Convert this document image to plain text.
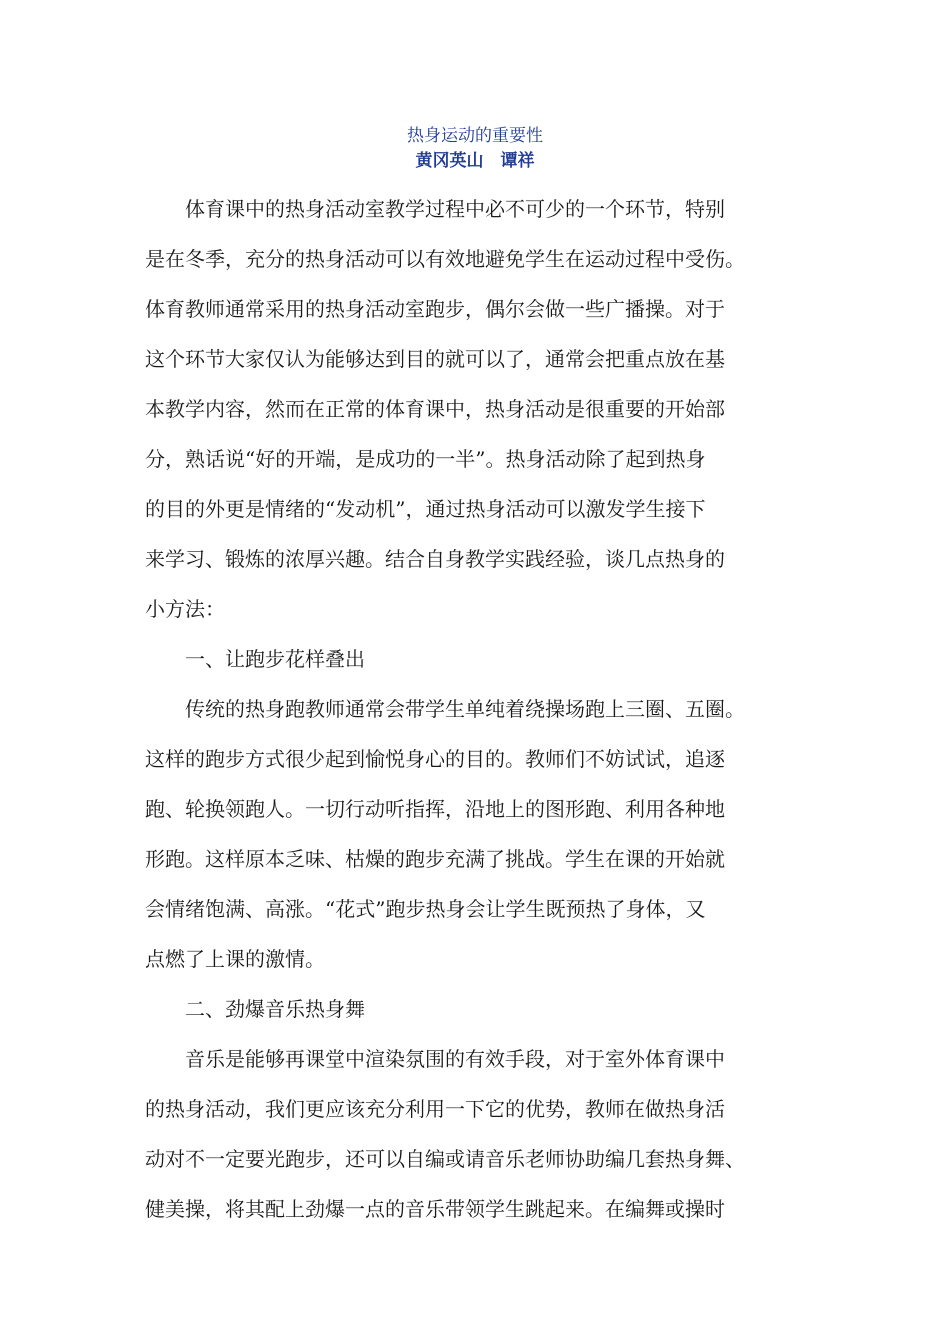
热身运动的重要性
黄冈英山　谭祥
体育课中的热身活动室教学过程中必不可少的一个环节，特别
是在冬季，充分的热身活动可以有效地避免学生在运动过程中受伤。
体育教师通常采用的热身活动室跑步，偶尔会做一些广播操。对于
这个环节大家仅认为能够达到目的就可以了，通常会把重点放在基
本教学内容，然而在正常的体育课中，热身活动是很重要的开始部
分，熟话说“好的开端，是成功的一半”。热身活动除了起到热身
的目的外更是情绪的“发动机”，通过热身活动可以激发学生接下
来学习、锻炼的浓厚兴趣。结合自身教学实践经验，谈几点热身的
小方法：
一、让跑步花样叠出
传统的热身跑教师通常会带学生单纯着绕操场跑上三圈、五圈。
这样的跑步方式很少起到愉悦身心的目的。教师们不妨试试，追逐
跑、轮换领跑人。一切行动听指挥，沿地上的图形跑、利用各种地
形跑。这样原本乏味、枯燥的跑步充满了挑战。学生在课的开始就
会情绪饱满、高涨。“花式”跑步热身会让学生既预热了身体，又
点燃了上课的激情。
二、劲爆音乐热身舞
音乐是能够再课堂中渲染氛围的有效手段，对于室外体育课中
的热身活动，我们更应该充分利用一下它的优势，教师在做热身活
动对不一定要光跑步，还可以自编或请音乐老师协助编几套热身舞、
健美操，将其配上劲爆一点的音乐带领学生跳起来。在编舞或操时
